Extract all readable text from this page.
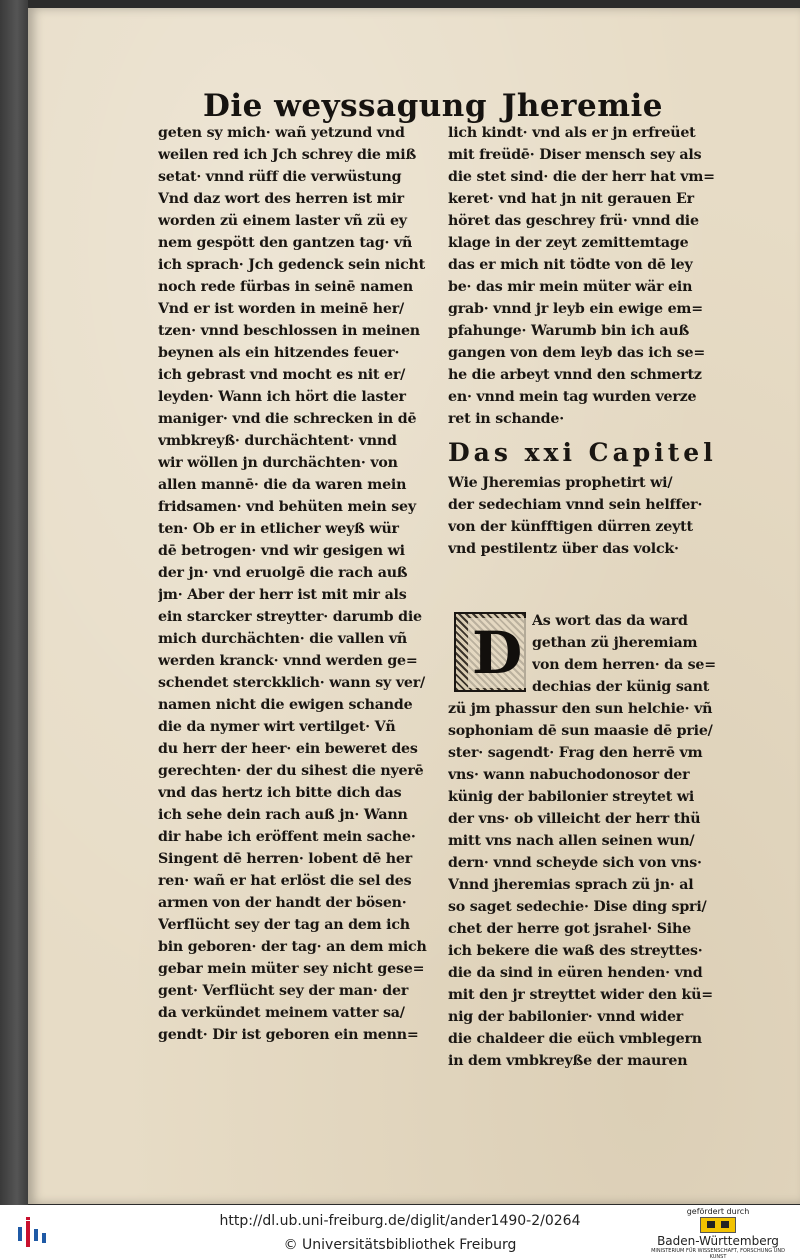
Die weyssagung Jheremie
geten sy mich· wañ yetzund vnd
weilen red ich Jch schrey die miß
setat· vnnd rüff die verwüstung
Vnd daz wort des herren ist mir
worden zü einem laster vñ zü ey
nem gespött den gantzen tag· vñ
ich sprach· Jch gedenck sein nicht
noch rede fürbas in seinē namen
Vnd er ist worden in meinē her/
tzen· vnnd beschlossen in meinen
beynen als ein hitzendes feuer·
ich gebrast vnd mocht es nit er/
leyden· Wann ich hört die laster
maniger· vnd die schrecken in dē
vmbkreyß· durchächtent· vnnd
wir wöllen jn durchächten· von
allen mannē· die da waren mein
fridsamen· vnd behüten mein sey
ten· Ob er in etlicher weyß wür
dē betrogen· vnd wir gesigen wi
der jn· vnd eruolgē die rach auß
jm· Aber der herr ist mit mir als
ein starcker streytter· darumb die
mich durchächten· die vallen vñ
werden kranck· vnnd werden ge=
schendet sterckklich· wann sy ver/
namen nicht die ewigen schande
die da nymer wirt vertilget· Vñ
du herr der heer· ein beweret des
gerechten· der du sihest die nyerē
vnd das hertz ich bitte dich das
ich sehe dein rach auß jn· Wann
dir habe ich eröffent mein sache·
Singent dē herren· lobent dē her
ren· wañ er hat erlöst die sel des
armen von der handt der bösen·
Verflücht sey der tag an dem ich
bin geboren· der tag· an dem mich
gebar mein müter sey nicht gese=
gent· Verflücht sey der man· der
da verkündet meinem vatter sa/
gendt· Dir ist geboren ein menn=
lich kindt· vnd als er jn erfreüet
mit freüdē· Diser mensch sey als
die stet sind· die der herr hat vm=
keret· vnd hat jn nit gerauen Er
höret das geschrey frü· vnnd die
klage in der zeyt zemittemtage
das er mich nit tödte von dē ley
be· das mir mein müter wär ein
grab· vnnd jr leyb ein ewige em=
pfahunge· Warumb bin ich auß
gangen von dem leyb das ich se=
he die arbeyt vnnd den schmertz
en· vnnd mein tag wurden verze
ret in schande·
Das xxi Capitel
Wie Jheremias prophetirt wi/
der sedechiam vnnd sein helffer·
von der künfftigen dürren zeytt
vnd pestilentz über das volck·
D As wort das da ward
gethan zü jheremiam
von dem herren· da se=
dechias der künig sant
zü jm phassur den sun helchie· vñ
sophoniam dē sun maasie dē prie/
ster· sagendt· Frag den herrē vm
vns· wann nabuchodonosor der
künig der babilonier streytet wi
der vns· ob villeicht der herr thü
mitt vns nach allen seinen wun/
dern· vnnd scheyde sich von vns·
Vnnd jheremias sprach zü jn· al
so saget sedechie· Dise ding spri/
chet der herre got jsrahel· Sihe
ich bekere die waß des streyttes·
die da sind in eüren henden· vnd
mit den jr streyttet wider den kü=
nig der babilonier· vnnd wider
die chaldeer die eüch vmblegern
in dem vmbkreyße der mauren
http://dl.ub.uni-freiburg.de/diglit/ander1490-2/0264
© Universitätsbibliothek Freiburg
gefördert durch
Baden-Württemberg
MINISTERIUM FÜR WISSENSCHAFT, FORSCHUNG UND KUNST
